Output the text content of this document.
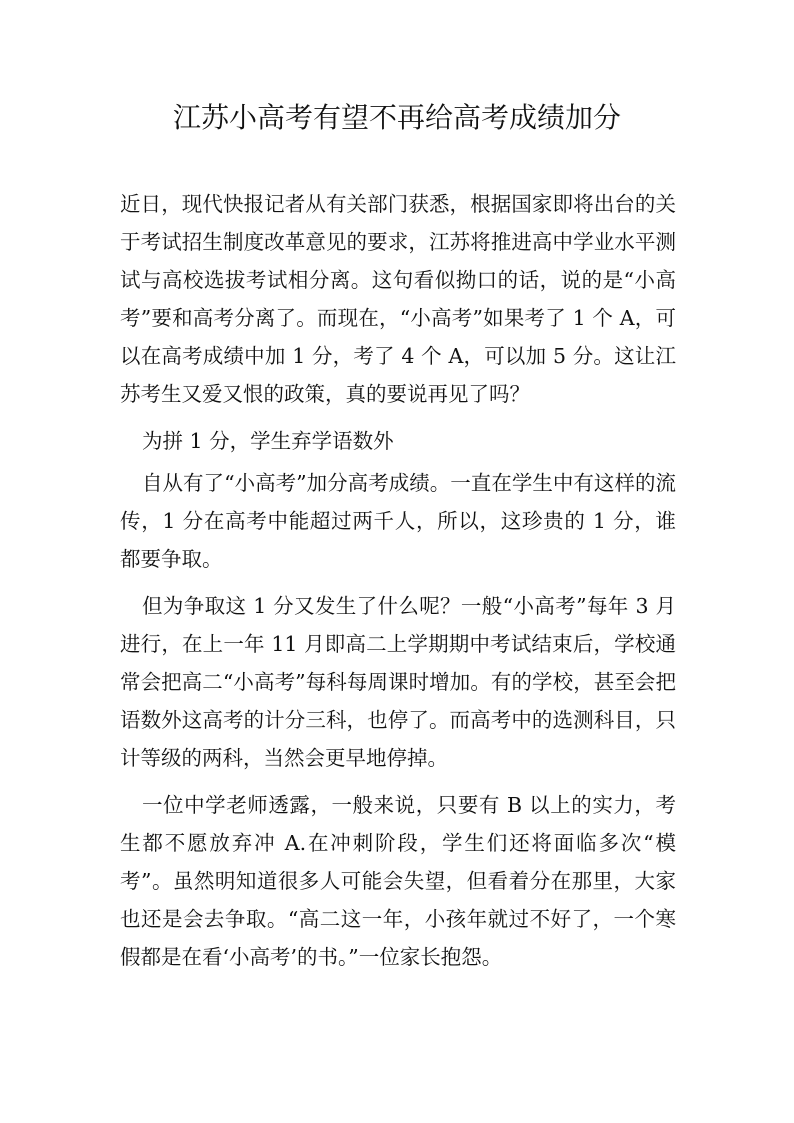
江苏小高考有望不再给高考成绩加分

近日，现代快报记者从有关部门获悉，根据国家即将出台的关于考试招生制度改革意见的要求，江苏将推进高中学业水平测试与高校选拔考试相分离。这句看似拗口的话，说的是“小高考”要和高考分离了。而现在，“小高考”如果考了 1 个 A，可以在高考成绩中加 1 分，考了 4 个 A，可以加 5 分。这让江苏考生又爱又恨的政策，真的要说再见了吗？

为拼 1 分，学生弃学语数外

自从有了“小高考”加分高考成绩。一直在学生中有这样的流传，1 分在高考中能超过两千人，所以，这珍贵的 1 分，谁都要争取。

但为争取这 1 分又发生了什么呢？一般“小高考”每年 3 月进行，在上一年 11 月即高二上学期期中考试结束后，学校通常会把高二“小高考”每科每周课时增加。有的学校，甚至会把语数外这高考的计分三科，也停了。而高考中的选测科目，只计等级的两科，当然会更早地停掉。

一位中学老师透露，一般来说，只要有 B 以上的实力，考生都不愿放弃冲 A.在冲刺阶段，学生们还将面临多次“模考”。虽然明知道很多人可能会失望，但看着分在那里，大家也还是会去争取。“高二这一年，小孩年就过不好了，一个寒假都是在看‘小高考’的书。”一位家长抱怨。
